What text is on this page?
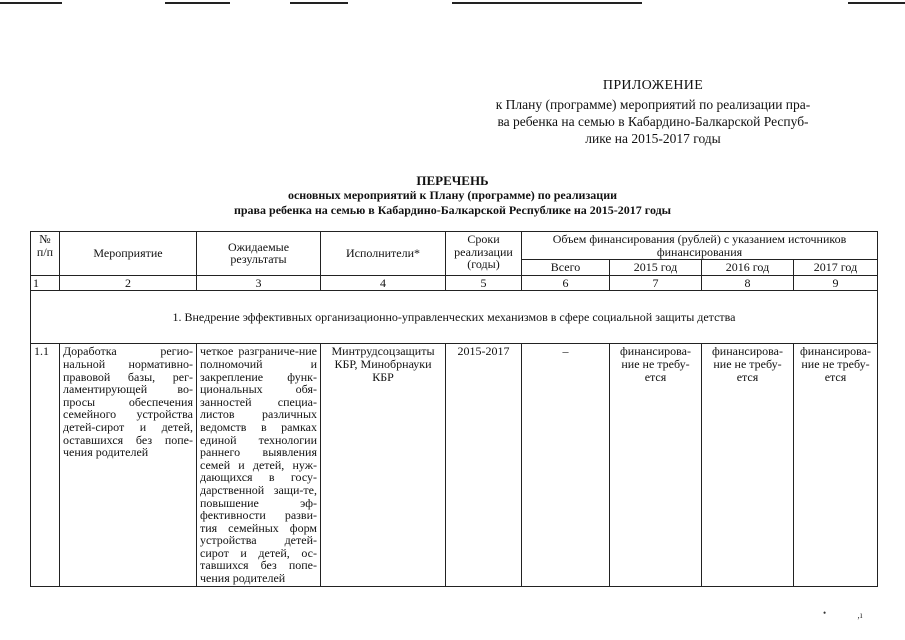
ПРИЛОЖЕНИЕ
к Плану (программе) мероприятий по реализации пра-
ва ребенка на семью в Кабардино-Балкарской Респуб-
лике на 2015-2017 годы
ПЕРЕЧЕНЬ
основных мероприятий к Плану (программе) по реализации
права ребенка на семью в Кабардино-Балкарской Республике на 2015-2017 годы
№ п/п	Мероприятие	Ожидаемые результаты	Исполнители*	Сроки реализации (годы)	Объем финансирования (рублей) с указанием источников финансирования			
					Всего	2015 год	2016 год	2017 год
1	2	3	4	5	6	7	8	9
1. Внедрение эффективных организационно-управленческих механизмов в сфере социальной защиты детства								
1.1	Доработка регио-нальной нормативно-правовой базы, рег-ламентирующей во-просы обеспечения семейного устройства детей-сирот и детей, оставшихся без попе-чения родителей	четкое разграниче-ние полномочий и закрепление функ-циональных обя-занностей специа-листов различных ведомств в рамках единой технологии раннего выявления семей и детей, нуж-дающихся в госу-дарственной защи-те, повышение эф-фективности разви-тия семейных форм устройства детей-сирот и детей, ос-тавшихся без попе-чения родителей	Минтрудсоцзащиты КБР, Минобрнауки КБР	2015-2017	–	финансирова-ние не требу-ется	финансирова-ние не требу-ется	финансирова-ние не требу-ется
•	‚ı
